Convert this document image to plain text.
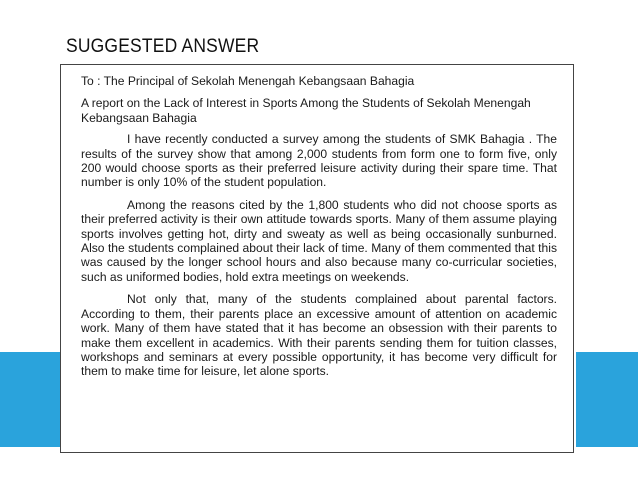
SUGGESTED ANSWER
To : The Principal of Sekolah Menengah Kebangsaan Bahagia
A report on the Lack of Interest in Sports Among the Students of Sekolah Menengah Kebangsaan Bahagia

I have recently conducted a survey among the students of SMK Bahagia . The results of the survey show that among 2,000 students from form one to form five, only 200 would choose sports as their preferred leisure activity during their spare time. That number is only 10% of the student population.

Among the reasons cited by the 1,800 students who did not choose sports as their preferred activity is their own attitude towards sports. Many of them assume playing sports involves getting hot, dirty and sweaty as well as being occasionally sunburned. Also the students complained about their lack of time. Many of them commented that this was caused by the longer school hours and also because many co-curricular societies, such as uniformed bodies, hold extra meetings on weekends.

Not only that, many of the students complained about parental factors. According to them, their parents place an excessive amount of attention on academic work. Many of them have stated that it has become an obsession with their parents to make them excellent in academics. With their parents sending them for tuition classes, workshops and seminars at every possible opportunity, it has become very difficult for them to make time for leisure, let alone sports.
